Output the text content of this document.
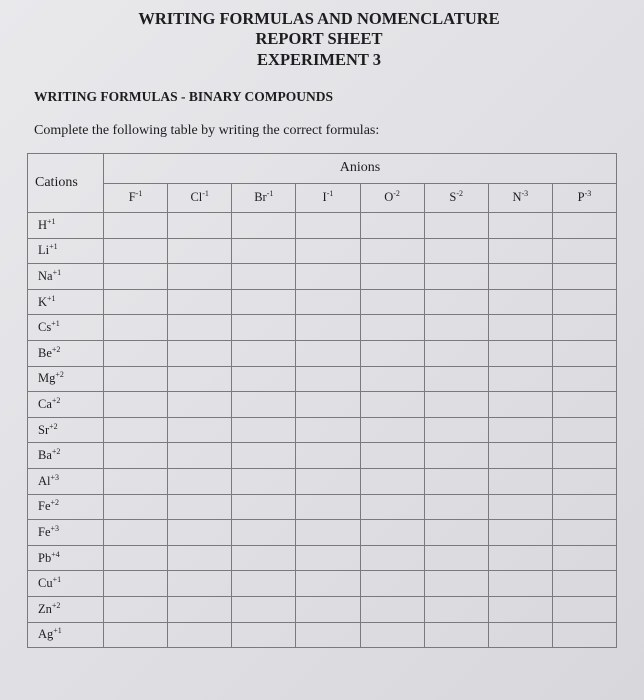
WRITING FORMULAS AND NOMENCLATURE
REPORT SHEET
EXPERIMENT 3
WRITING FORMULAS - BINARY COMPOUNDS
Complete the following table by writing the correct formulas:
Cations	Anions							
	$F^{-1}$	$Cl^{-1}$	$Br^{-1}$	$I^{-1}$	$O^{-2}$	$S^{-2}$	$N^{-3}$	$P^{-3}$
$H^{+1}$								
$Li^{+1}$								
$Na^{+1}$								
$K^{+1}$								
$Cs^{+1}$								
$Be^{+2}$								
$Mg^{+2}$								
$Ca^{+2}$								
$Sr^{+2}$								
$Ba^{+2}$								
$Al^{+3}$								
$Fe^{+2}$								
$Fe^{+3}$								
$Pb^{+4}$								
$Cu^{+1}$								
$Zn^{+2}$								
$Ag^{+1}$								
